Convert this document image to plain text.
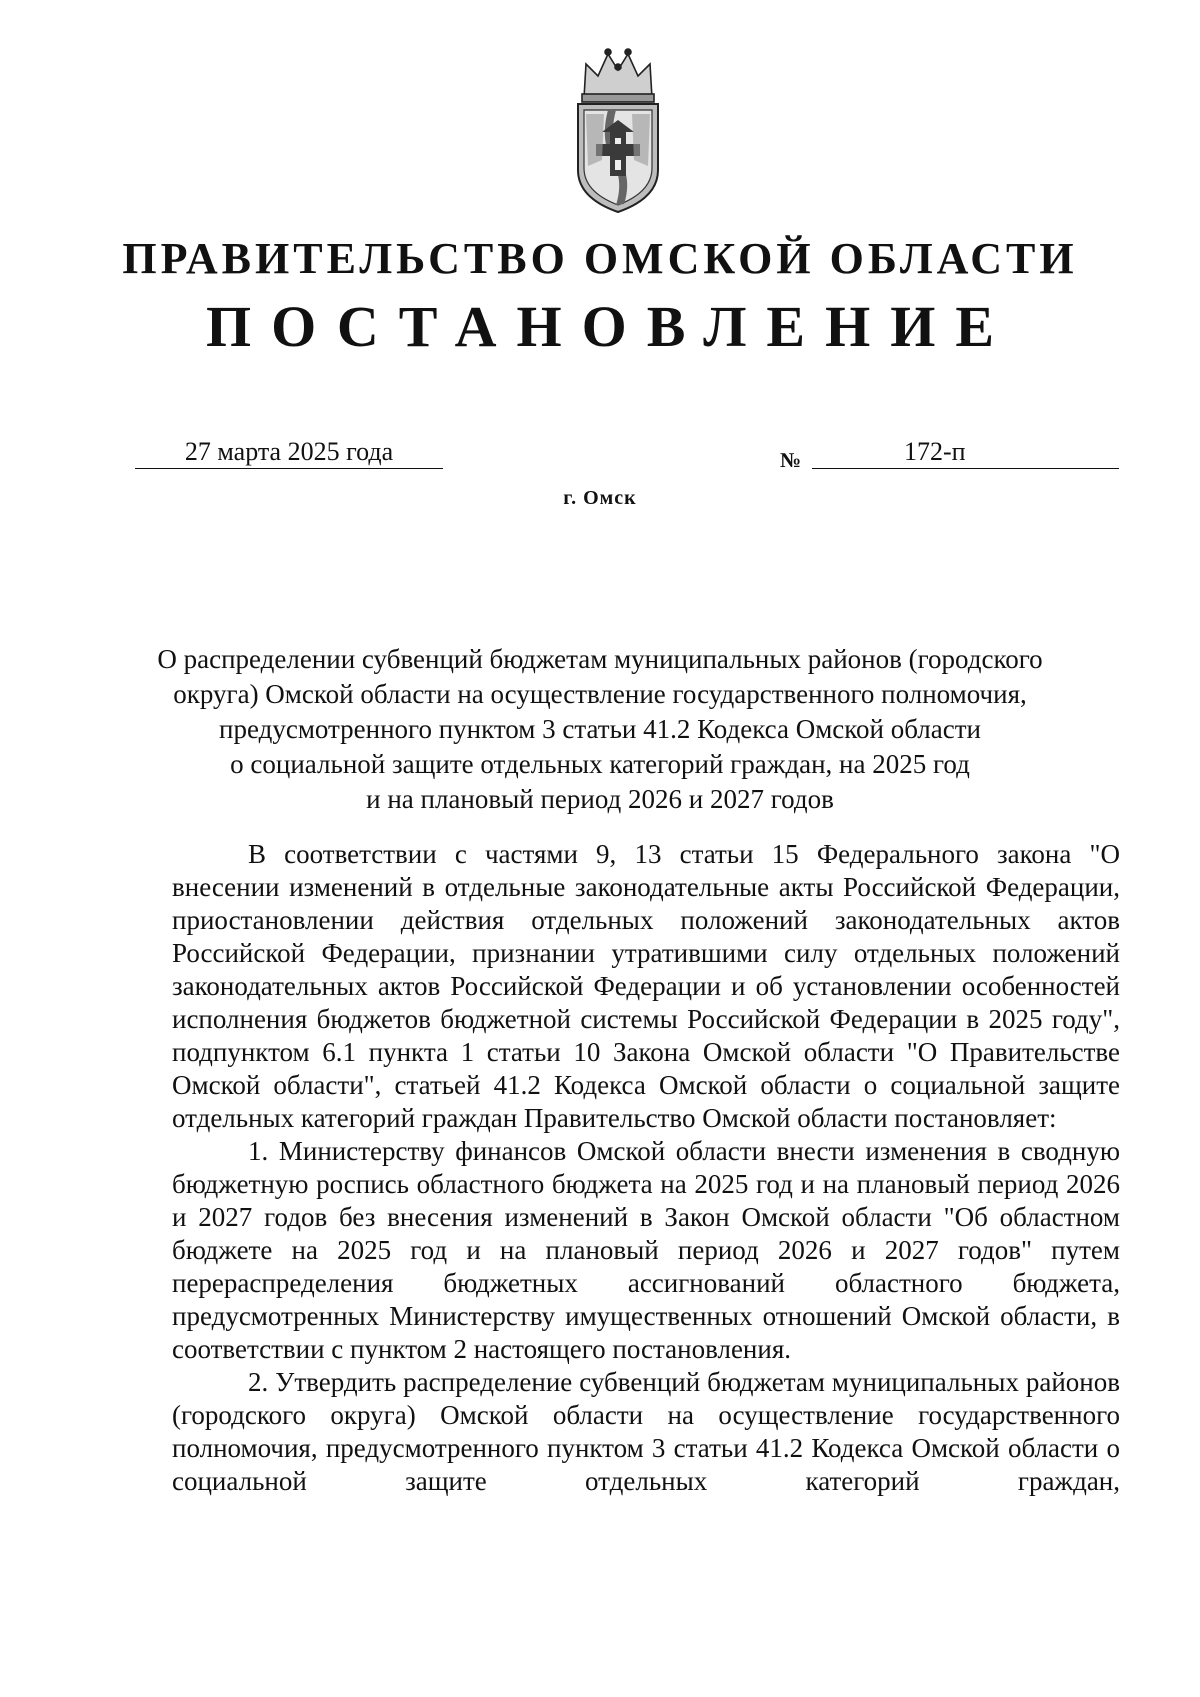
ПРАВИТЕЛЬСТВО ОМСКОЙ ОБЛАСТИ
ПОСТАНОВЛЕНИЕ
27 марта 2025 года	№	172-п
г. Омск
О распределении субвенций бюджетам муниципальных районов (городского
округа) Омской области на осуществление государственного полномочия,
предусмотренного пунктом 3 статьи 41.2 Кодекса Омской области
о социальной защите отдельных категорий граждан, на 2025 год
и на плановый период 2026 и 2027 годов

В соответствии с частями 9, 13 статьи 15 Федерального закона "О внесении изменений в отдельные законодательные акты Российской Федерации, приостановлении действия отдельных положений законодательных актов Российской Федерации, признании утратившими силу отдельных положений законодательных актов Российской Федерации и об установлении особенностей исполнения бюджетов бюджетной системы Российской Федерации в 2025 году", подпунктом 6.1 пункта 1 статьи 10 Закона Омской области "О Правительстве Омской области", статьей 41.2 Кодекса Омской области о социальной защите отдельных категорий граждан Правительство Омской области постановляет:

1. Министерству финансов Омской области внести изменения в сводную бюджетную роспись областного бюджета на 2025 год и на плановый период 2026 и 2027 годов без внесения изменений в Закон Омской области "Об областном бюджете на 2025 год и на плановый период 2026 и 2027 годов" путем перераспределения бюджетных ассигнований областного бюджета, предусмотренных Министерству имущественных отношений Омской области, в соответствии с пунктом 2 настоящего постановления.

2. Утвердить распределение субвенций бюджетам муниципальных районов (городского округа) Омской области на осуществление государственного полномочия, предусмотренного пунктом 3 статьи 41.2 Кодекса Омской области о социальной защите отдельных категорий граждан,
